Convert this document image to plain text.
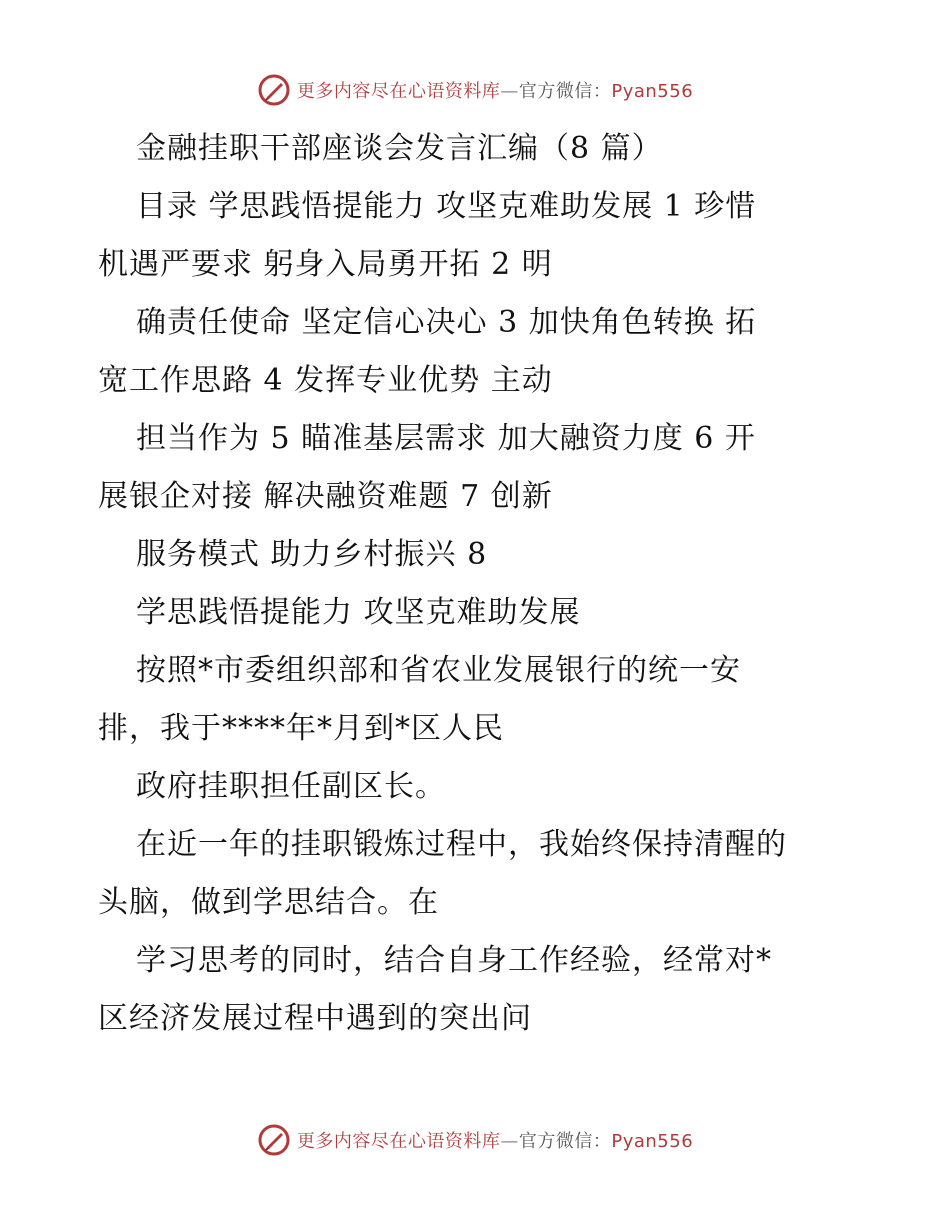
更多内容尽在心语资料库—官方微信：Pyan556
金融挂职干部座谈会发言汇编（8 篇）
目录 学思践悟提能力 攻坚克难助发展 1 珍惜
机遇严要求 躬身入局勇开拓 2 明
确责任使命 坚定信心决心 3 加快角色转换 拓
宽工作思路 4 发挥专业优势 主动
担当作为 5 瞄准基层需求 加大融资力度 6 开
展银企对接 解决融资难题 7 创新
服务模式 助力乡村振兴 8
学思践悟提能力 攻坚克难助发展
按照*市委组织部和省农业发展银行的统一安
排，我于****年*月到*区人民
政府挂职担任副区长。
在近一年的挂职锻炼过程中，我始终保持清醒的
头脑，做到学思结合。在
学习思考的同时，结合自身工作经验，经常对*
区经济发展过程中遇到的突出问
更多内容尽在心语资料库—官方微信：Pyan556
